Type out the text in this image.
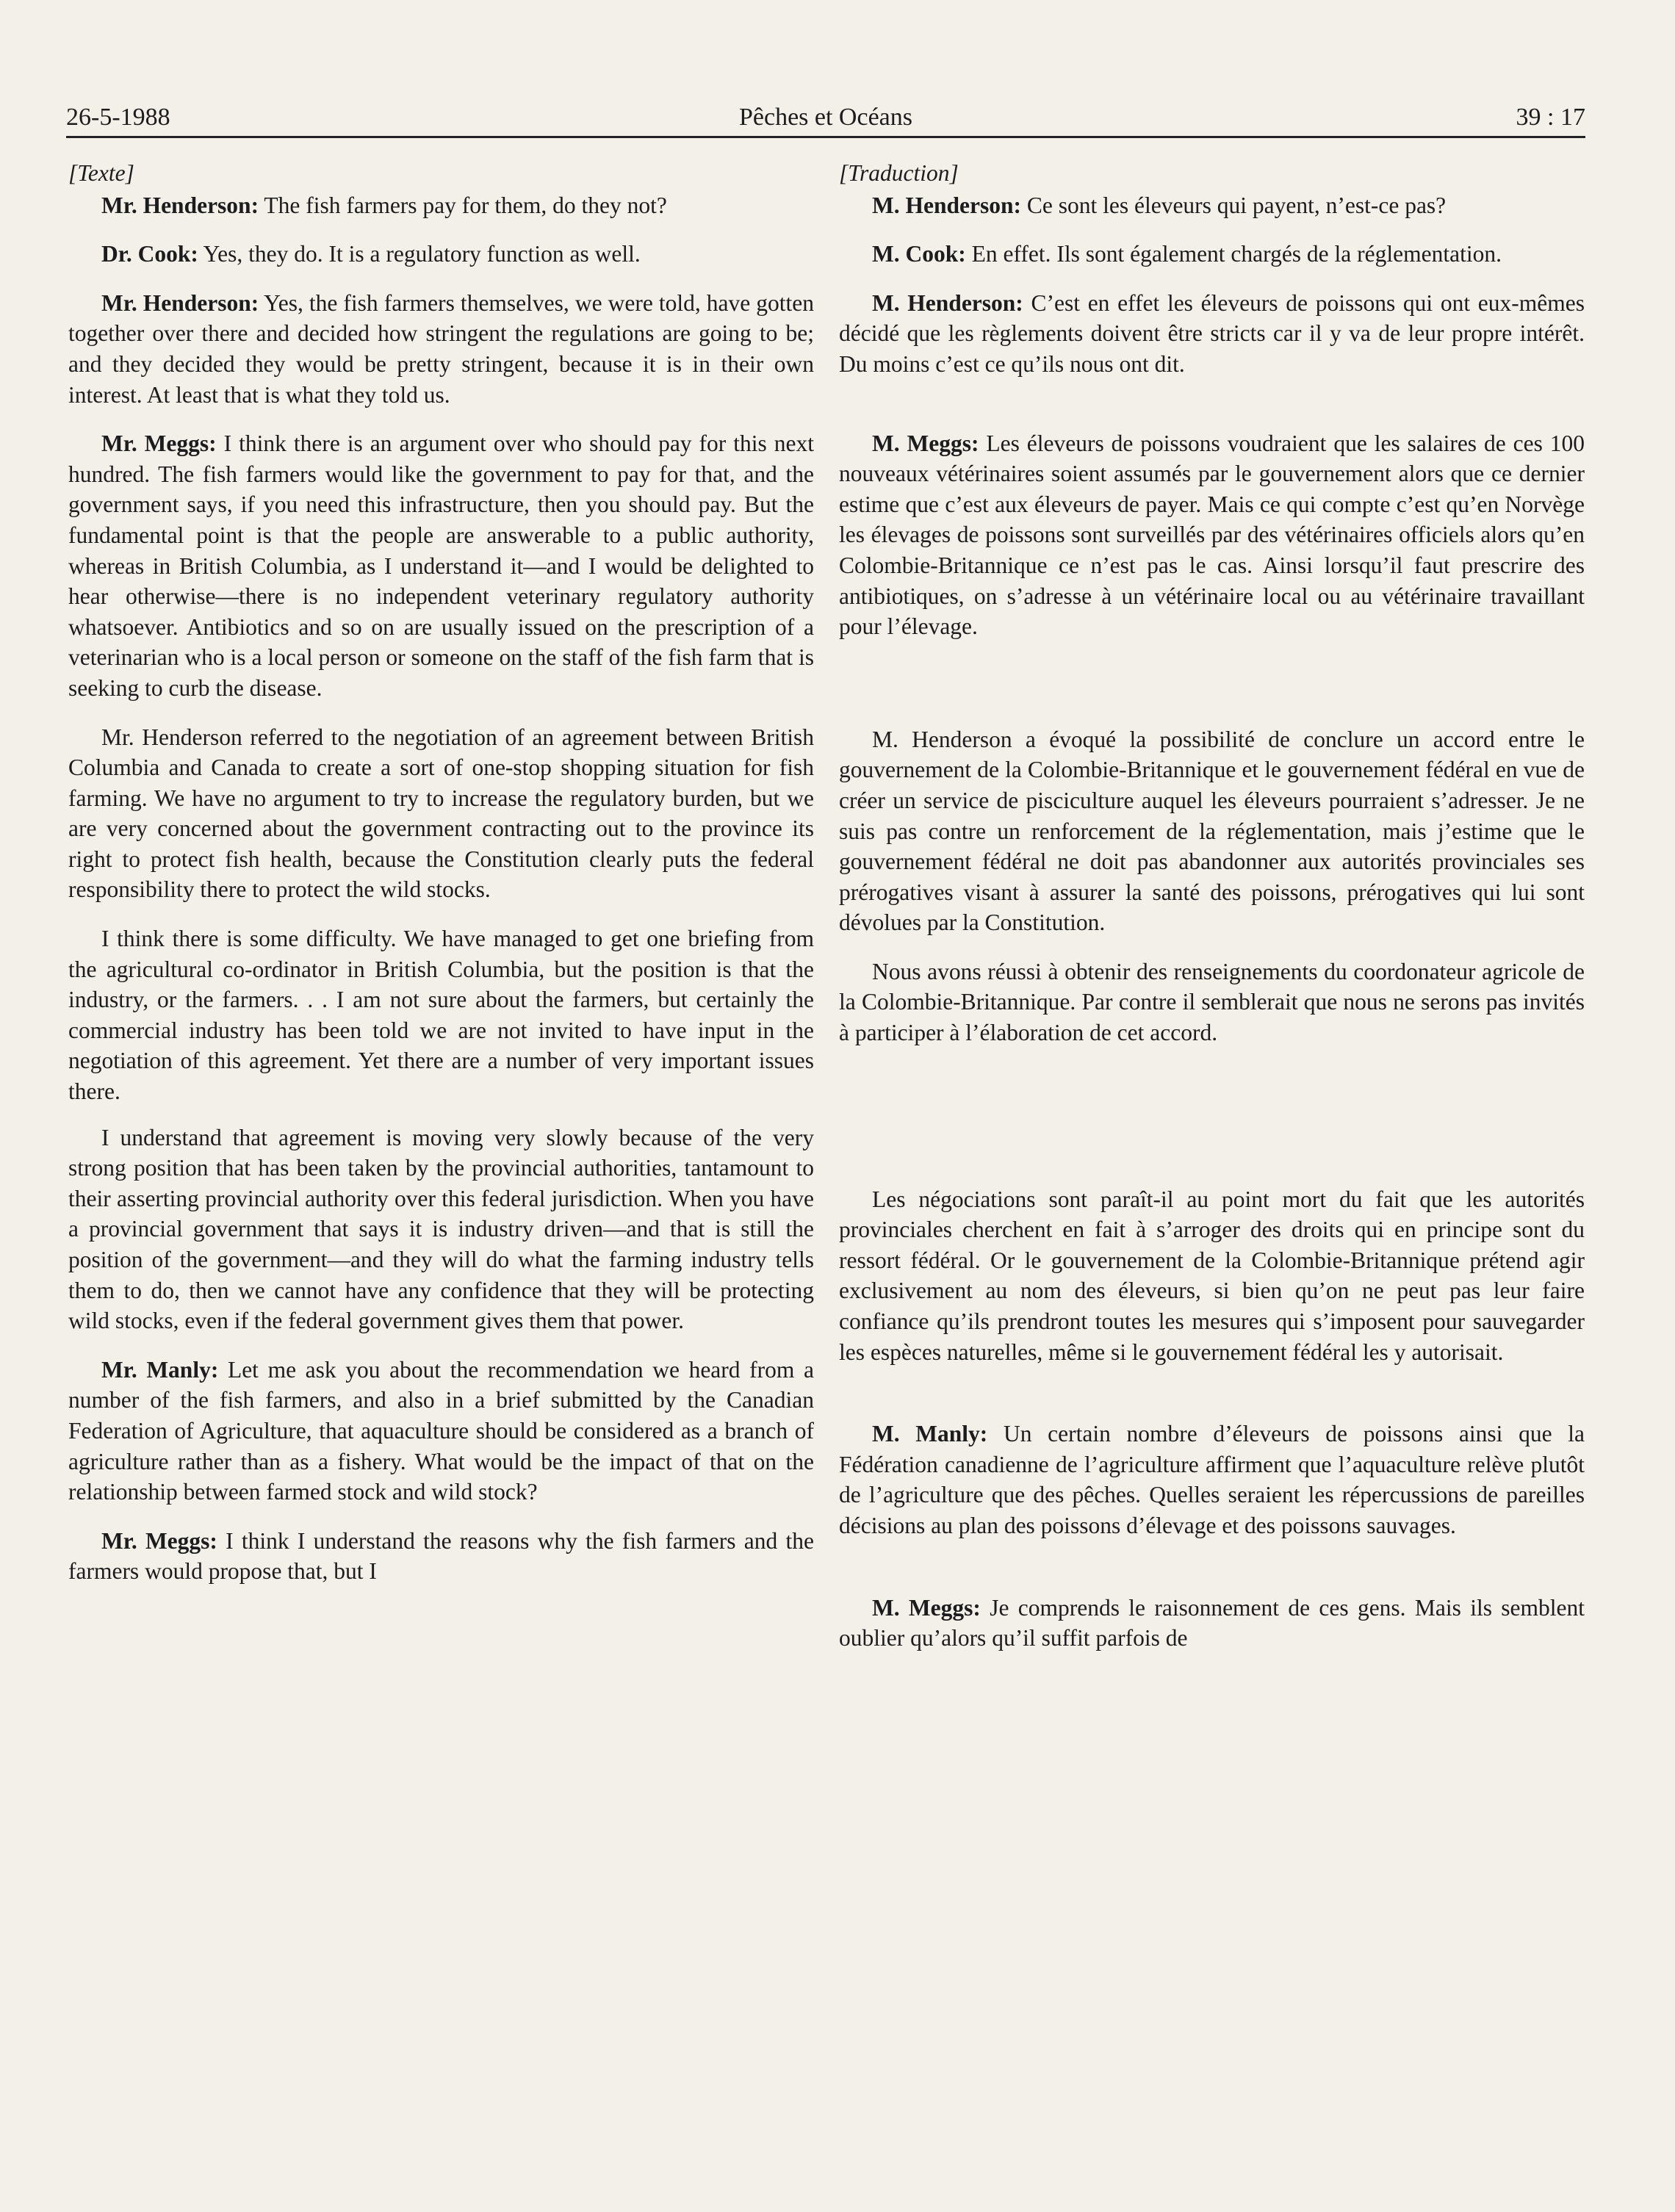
26-5-1988	Pêches et Océans	39 : 17

[Texte]

Mr. Henderson: The fish farmers pay for them, do they not?

Dr. Cook: Yes, they do. It is a regulatory function as well.

Mr. Henderson: Yes, the fish farmers themselves, we were told, have gotten together over there and decided how stringent the regulations are going to be; and they decided they would be pretty stringent, because it is in their own interest. At least that is what they told us.

Mr. Meggs: I think there is an argument over who should pay for this next hundred. The fish farmers would like the government to pay for that, and the government says, if you need this infrastructure, then you should pay. But the fundamental point is that the people are answerable to a public authority, whereas in British Columbia, as I understand it—and I would be delighted to hear otherwise—there is no independent veterinary regulatory authority whatsoever. Antibiotics and so on are usually issued on the prescription of a veterinarian who is a local person or someone on the staff of the fish farm that is seeking to curb the disease.

Mr. Henderson referred to the negotiation of an agreement between British Columbia and Canada to create a sort of one-stop shopping situation for fish farming. We have no argument to try to increase the regulatory burden, but we are very concerned about the government contracting out to the province its right to protect fish health, because the Constitution clearly puts the federal responsibility there to protect the wild stocks.

I think there is some difficulty. We have managed to get one briefing from the agricultural co-ordinator in British Columbia, but the position is that the industry, or the farmers. . . I am not sure about the farmers, but certainly the commercial industry has been told we are not invited to have input in the negotiation of this agreement. Yet there are a number of very important issues there.

I understand that agreement is moving very slowly because of the very strong position that has been taken by the provincial authorities, tantamount to their asserting provincial authority over this federal jurisdiction. When you have a provincial government that says it is industry driven—and that is still the position of the government—and they will do what the farming industry tells them to do, then we cannot have any confidence that they will be protecting wild stocks, even if the federal government gives them that power.

Mr. Manly: Let me ask you about the recommendation we heard from a number of the fish farmers, and also in a brief submitted by the Canadian Federation of Agriculture, that aquaculture should be considered as a branch of agriculture rather than as a fishery. What would be the impact of that on the relationship between farmed stock and wild stock?

Mr. Meggs: I think I understand the reasons why the fish farmers and the farmers would propose that, but I

[Traduction]

M. Henderson: Ce sont les éleveurs qui payent, n’est-ce pas?

M. Cook: En effet. Ils sont également chargés de la réglementation.

M. Henderson: C’est en effet les éleveurs de poissons qui ont eux-mêmes décidé que les règlements doivent être stricts car il y va de leur propre intérêt. Du moins c’est ce qu’ils nous ont dit.

M. Meggs: Les éleveurs de poissons voudraient que les salaires de ces 100 nouveaux vétérinaires soient assumés par le gouvernement alors que ce dernier estime que c’est aux éleveurs de payer. Mais ce qui compte c’est qu’en Norvège les élevages de poissons sont surveillés par des vétérinaires officiels alors qu’en Colombie-Britannique ce n’est pas le cas. Ainsi lorsqu’il faut prescrire des antibiotiques, on s’adresse à un vétérinaire local ou au vétérinaire travaillant pour l’élevage.

M. Henderson a évoqué la possibilité de conclure un accord entre le gouvernement de la Colombie-Britannique et le gouvernement fédéral en vue de créer un service de pisciculture auquel les éleveurs pourraient s’adresser. Je ne suis pas contre un renforcement de la réglementation, mais j’estime que le gouvernement fédéral ne doit pas abandonner aux autorités provinciales ses prérogatives visant à assurer la santé des poissons, prérogatives qui lui sont dévolues par la Constitution.

Nous avons réussi à obtenir des renseignements du coordonateur agricole de la Colombie-Britannique. Par contre il semblerait que nous ne serons pas invités à participer à l’élaboration de cet accord.

Les négociations sont paraît-il au point mort du fait que les autorités provinciales cherchent en fait à s’arroger des droits qui en principe sont du ressort fédéral. Or le gouvernement de la Colombie-Britannique prétend agir exclusivement au nom des éleveurs, si bien qu’on ne peut pas leur faire confiance qu’ils prendront toutes les mesures qui s’imposent pour sauvegarder les espèces naturelles, même si le gouvernement fédéral les y autorisait.

M. Manly: Un certain nombre d’éleveurs de poissons ainsi que la Fédération canadienne de l’agriculture affirment que l’aquaculture relève plutôt de l’agriculture que des pêches. Quelles seraient les répercussions de pareilles décisions au plan des poissons d’élevage et des poissons sauvages.

M. Meggs: Je comprends le raisonnement de ces gens. Mais ils semblent oublier qu’alors qu’il suffit parfois de
